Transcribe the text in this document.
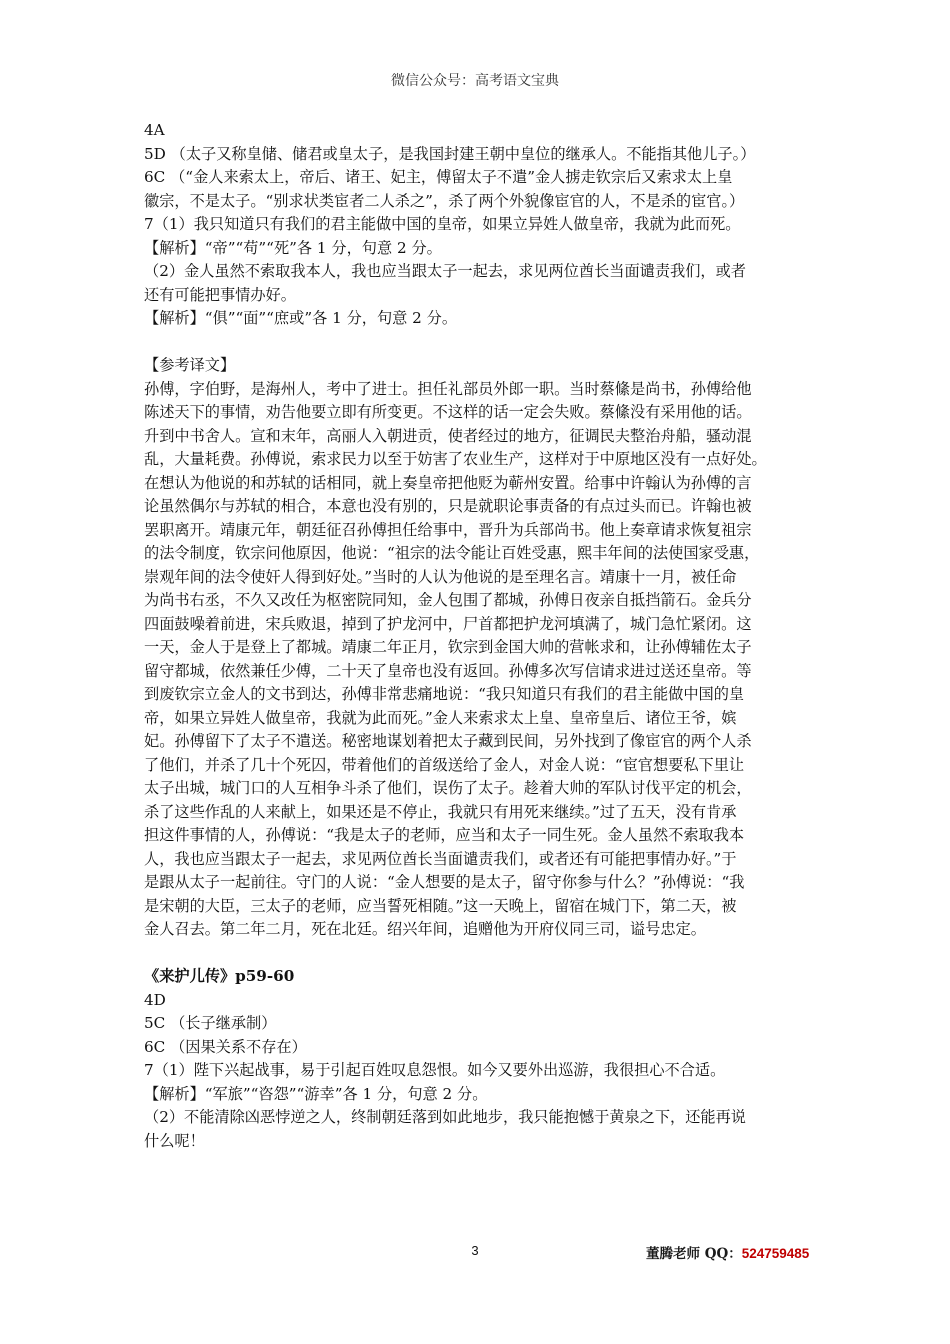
微信公众号：高考语文宝典

4A

5D （太子又称皇储、储君或皇太子，是我国封建王朝中皇位的继承人。不能指其他儿子。）

6C （“金人来索太上，帝后、诸王、妃主，傅留太子不遣”金人掳走钦宗后又索求太上皇

徽宗，不是太子。“别求状类宦者二人杀之”，杀了两个外貌像宦官的人，不是杀的宦官。）

7（1）我只知道只有我们的君主能做中国的皇帝，如果立异姓人做皇帝，我就为此而死。

【解析】“帝”“苟”“死”各 1 分，句意 2 分。

（2）金人虽然不索取我本人，我也应当跟太子一起去，求见两位酋长当面谴责我们，或者

还有可能把事情办好。

【解析】“俱”“面”“庶或”各 1 分，句意 2 分。

【参考译文】

孙傅，字伯野，是海州人，考中了进士。担任礼部员外郎一职。当时蔡絛是尚书，孙傅给他

陈述天下的事情，劝告他要立即有所变更。不这样的话一定会失败。蔡絛没有采用他的话。

升到中书舍人。宣和末年，高丽人入朝进贡，使者经过的地方，征调民夫整治舟船，骚动混

乱，大量耗费。孙傅说，索求民力以至于妨害了农业生产，这样对于中原地区没有一点好处。

在想认为他说的和苏轼的话相同，就上奏皇帝把他贬为蕲州安置。给事中许翰认为孙傅的言

论虽然偶尔与苏轼的相合，本意也没有别的，只是就职论事责备的有点过头而已。许翰也被

罢职离开。靖康元年，朝廷征召孙傅担任给事中，晋升为兵部尚书。他上奏章请求恢复祖宗

的法令制度，钦宗问他原因，他说：“祖宗的法令能让百姓受惠，熙丰年间的法使国家受惠，

崇观年间的法令使奸人得到好处。”当时的人认为他说的是至理名言。靖康十一月，被任命

为尚书右丞，不久又改任为枢密院同知，金人包围了都城，孙傅日夜亲自抵挡箭石。金兵分

四面鼓噪着前进，宋兵败退，掉到了护龙河中，尸首都把护龙河填满了，城门急忙紧闭。这

一天，金人于是登上了都城。靖康二年正月，钦宗到金国大帅的营帐求和，让孙傅辅佐太子

留守都城，依然兼任少傅，二十天了皇帝也没有返回。孙傅多次写信请求进过送还皇帝。等

到废钦宗立金人的文书到达，孙傅非常悲痛地说：“我只知道只有我们的君主能做中国的皇

帝，如果立异姓人做皇帝，我就为此而死。”金人来索求太上皇、皇帝皇后、诸位王爷，嫔

妃。孙傅留下了太子不遣送。秘密地谋划着把太子藏到民间，另外找到了像宦官的两个人杀

了他们，并杀了几十个死囚，带着他们的首级送给了金人，对金人说：“宦官想要私下里让

太子出城，城门口的人互相争斗杀了他们，误伤了太子。趁着大帅的军队讨伐平定的机会，

杀了这些作乱的人来献上，如果还是不停止，我就只有用死来继续。”过了五天，没有肯承

担这件事情的人，孙傅说：“我是太子的老师，应当和太子一同生死。金人虽然不索取我本

人，我也应当跟太子一起去，求见两位酋长当面谴责我们，或者还有可能把事情办好。”于

是跟从太子一起前往。守门的人说：“金人想要的是太子，留守你参与什么？”孙傅说：“我

是宋朝的大臣，三太子的老师，应当誓死相随。”这一天晚上，留宿在城门下，第二天，被

金人召去。第二年二月，死在北廷。绍兴年间，追赠他为开府仪同三司，谥号忠定。

《来护儿传》p59-60

4D

5C （长子继承制）

6C （因果关系不存在）

7（1）陛下兴起战事，易于引起百姓叹息怨恨。如今又要外出巡游，我很担心不合适。

【解析】“军旅”“咨怨”“游幸”各 1 分，句意 2 分。

（2）不能清除凶恶悖逆之人，终制朝廷落到如此地步，我只能抱憾于黄泉之下，还能再说

什么呢！

3	董腾老师 QQ：524759485
